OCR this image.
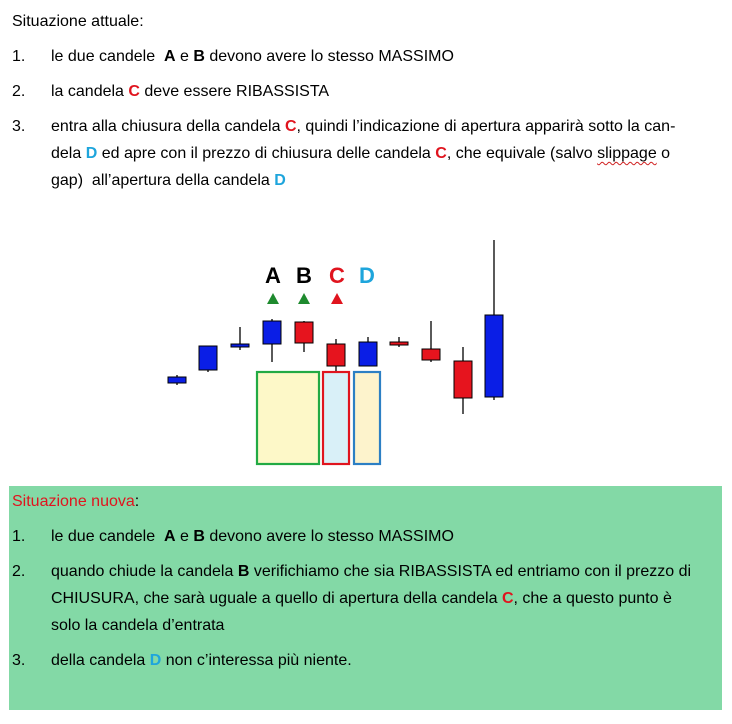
Situazione attuale:
1.	le due candele  A e B devono avere lo stesso MASSIMO
2.	la candela C deve essere RIBASSISTA
3.	entra alla chiusura della candela C, quindi l’indicazione di apertura apparirà sotto la can-
dela D ed apre con il prezzo di chiusura delle candela C, che equivale (salvo slippage o
gap)  all’apertura della candela D
A B C D
Situazione nuova:
1.	le due candele  A e B devono avere lo stesso MASSIMO
2.	quando chiude la candela B verifichiamo che sia RIBASSISTA ed entriamo con il prezzo di
CHIUSURA, che sarà uguale a quello di apertura della candela C, che a questo punto è
solo la candela d’entrata
3.	della candela D non c’interessa più niente.
